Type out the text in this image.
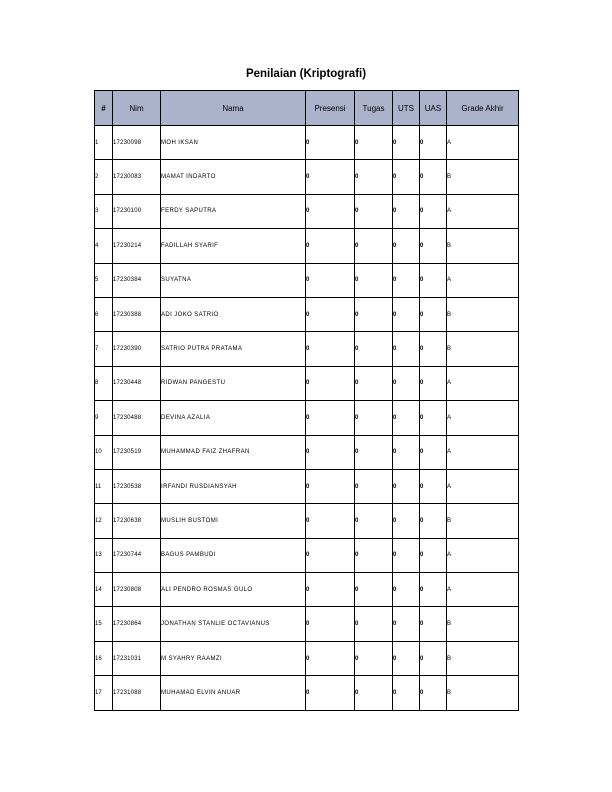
Penilaian (Kriptografi)
#	Nim	Nama	Presensi	Tugas	UTS	UAS	Grade Akhir
1	17230098	MOH IKSAN	0	0	0	0	A
2	17230083	MAMAT INDARTO	0	0	0	0	B
3	17230100	FERDY SAPUTRA	0	0	0	0	A
4	17230214	FADILLAH SYARIF	0	0	0	0	B
5	17230384	SUYATNA	0	0	0	0	A
6	17230388	ADI JOKO SATRIO	0	0	0	0	B
7	17230390	SATRIO PUTRA PRATAMA	0	0	0	0	B
8	17230448	RIDWAN PANGESTU	0	0	0	0	A
9	17230488	DEVINA AZALIA	0	0	0	0	A
10	17230519	MUHAMMAD FAIZ ZHAFRAN	0	0	0	0	A
11	17230538	IRFANDI RUSDIANSYAH	0	0	0	0	A
12	17230638	MUSLIH BUSTOMI	0	0	0	0	B
13	17230744	BAGUS PAMBUDI	0	0	0	0	A
14	17230808	ALI PENDRO ROSMAS GULO	0	0	0	0	A
15	17230864	JONATHAN STANLIE OCTAVIANUS	0	0	0	0	B
16	17231031	M SYAHRY RAAMZI	0	0	0	0	B
17	17231088	MUHAMAD ELVIN ANUAR	0	0	0	0	B
